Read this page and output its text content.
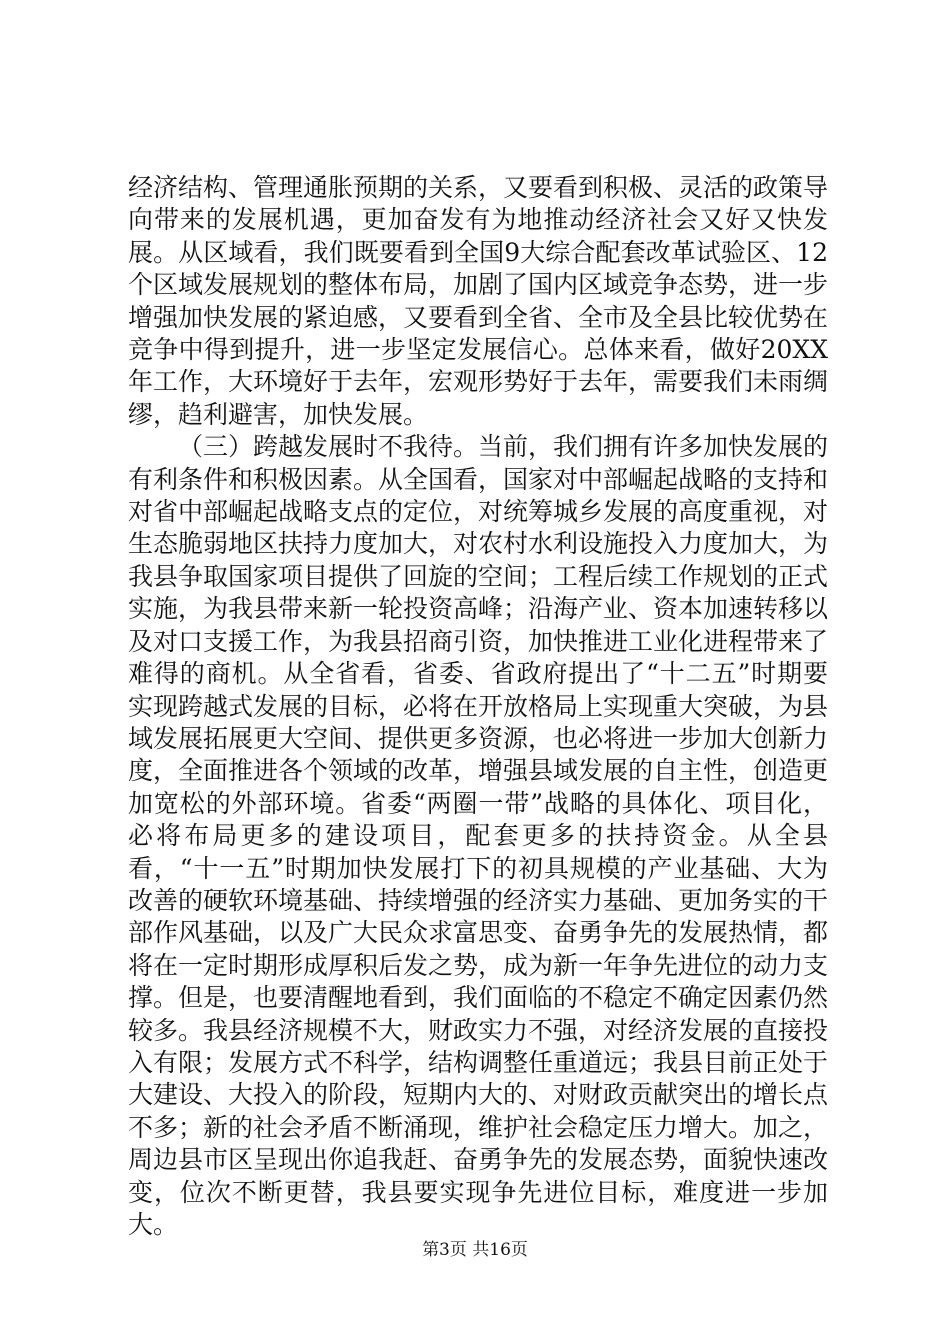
经济结构、管理通胀预期的关系，又要看到积极、灵活的政策导向带来的发展机遇，更加奋发有为地推动经济社会又好又快发展。从区域看，我们既要看到全国9大综合配套改革试验区、12个区域发展规划的整体布局，加剧了国内区域竞争态势，进一步增强加快发展的紧迫感，又要看到全省、全市及全县比较优势在竞争中得到提升，进一步坚定发展信心。总体来看，做好20XX年工作，大环境好于去年，宏观形势好于去年，需要我们未雨绸缪，趋利避害，加快发展。

（三）跨越发展时不我待。当前，我们拥有许多加快发展的有利条件和积极因素。从全国看，国家对中部崛起战略的支持和对省中部崛起战略支点的定位，对统筹城乡发展的高度重视，对生态脆弱地区扶持力度加大，对农村水利设施投入力度加大，为我县争取国家项目提供了回旋的空间；工程后续工作规划的正式实施，为我县带来新一轮投资高峰；沿海产业、资本加速转移以及对口支援工作，为我县招商引资，加快推进工业化进程带来了难得的商机。从全省看，省委、省政府提出了“十二五”时期要实现跨越式发展的目标，必将在开放格局上实现重大突破，为县域发展拓展更大空间、提供更多资源，也必将进一步加大创新力度，全面推进各个领域的改革，增强县域发展的自主性，创造更加宽松的外部环境。省委“两圈一带”战略的具体化、项目化，必将布局更多的建设项目，配套更多的扶持资金。从全县看，“十一五”时期加快发展打下的初具规模的产业基础、大为改善的硬软环境基础、持续增强的经济实力基础、更加务实的干部作风基础，以及广大民众求富思变、奋勇争先的发展热情，都将在一定时期形成厚积后发之势，成为新一年争先进位的动力支撑。但是，也要清醒地看到，我们面临的不稳定不确定因素仍然较多。我县经济规模不大，财政实力不强，对经济发展的直接投入有限；发展方式不科学，结构调整任重道远；我县目前正处于大建设、大投入的阶段，短期内大的、对财政贡献突出的增长点不多；新的社会矛盾不断涌现，维护社会稳定压力增大。加之，周边县市区呈现出你追我赶、奋勇争先的发展态势，面貌快速改变，位次不断更替，我县要实现争先进位目标，难度进一步加大。

第3页 共16页
